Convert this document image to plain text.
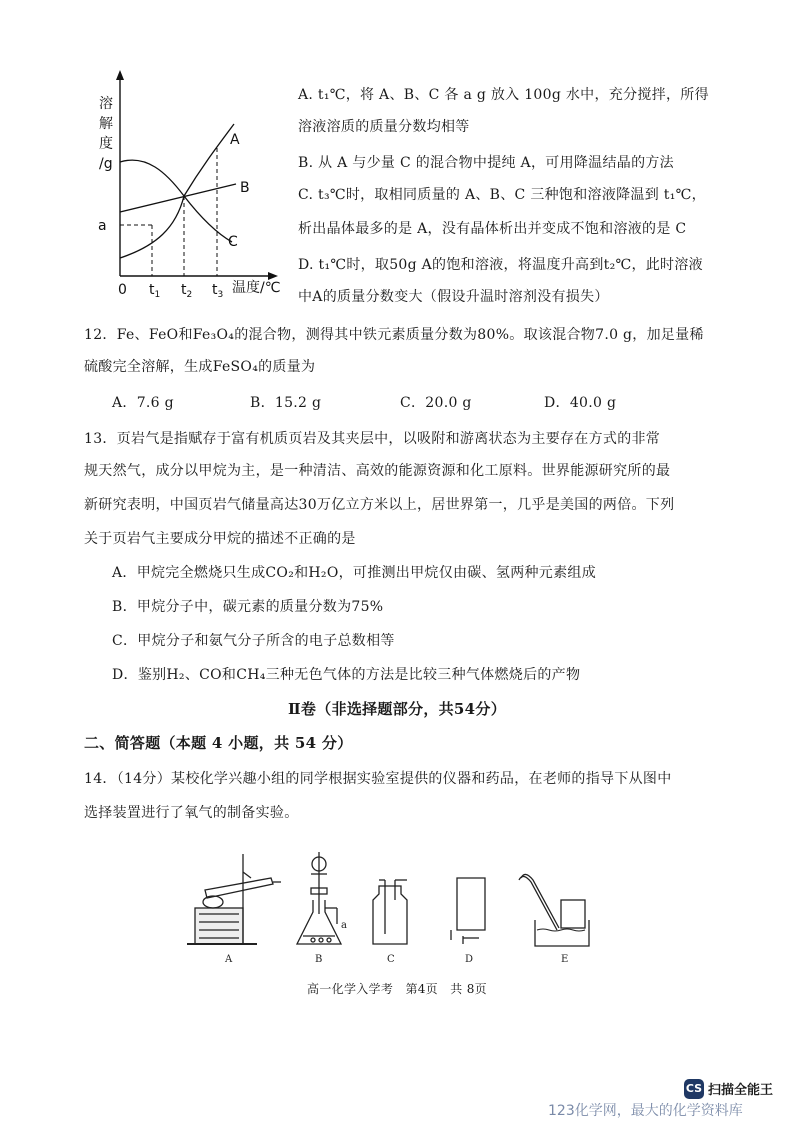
溶
解
度
/g
A
B
C
a
0 $t_1$ $t_2$ $t_3$ 温度/℃
A. t₁℃，将 A、B、C 各 a g 放入 100g 水中，充分搅拌，所得
溶液溶质的质量分数均相等
B. 从 A 与少量 C 的混合物中提纯 A，可用降温结晶的方法
C. t₃℃时，取相同质量的 A、B、C 三种饱和溶液降温到 t₁℃，
析出晶体最多的是 A，没有晶体析出并变成不饱和溶液的是 C
D. t₁℃时，取50g A的饱和溶液，将温度升高到t₂℃，此时溶液
中A的质量分数变大（假设升温时溶剂没有损失）
12．Fe、FeO和Fe₃O₄的混合物，测得其中铁元素质量分数为80%。取该混合物7.0 g，加足量稀
硫酸完全溶解，生成FeSO₄的质量为
A．7.6 g	B．15.2 g	C．20.0 g	D．40.0 g
13．页岩气是指赋存于富有机质页岩及其夹层中，以吸附和游离状态为主要存在方式的非常
规天然气，成分以甲烷为主，是一种清洁、高效的能源资源和化工原料。世界能源研究所的最
新研究表明，中国页岩气储量高达30万亿立方米以上，居世界第一，几乎是美国的两倍。下列
关于页岩气主要成分甲烷的描述不正确的是
A．甲烷完全燃烧只生成CO₂和H₂O，可推测出甲烷仅由碳、氢两种元素组成
B．甲烷分子中，碳元素的质量分数为75%
C．甲烷分子和氨气分子所含的电子总数相等
D．鉴别H₂、CO和CH₄三种无色气体的方法是比较三种气体燃烧后的产物
Ⅱ卷（非选择题部分，共54分）
二、简答题（本题 4 小题，共 54 分）
14．（14分）某校化学兴趣小组的同学根据实验室提供的仪器和药品，在老师的指导下从图中
选择装置进行了氧气的制备实验。
a
A	B	C	D	E
高一化学入学考　第4页　共 8页
CS 扫描全能王
123化学网，最大的化学资料库
